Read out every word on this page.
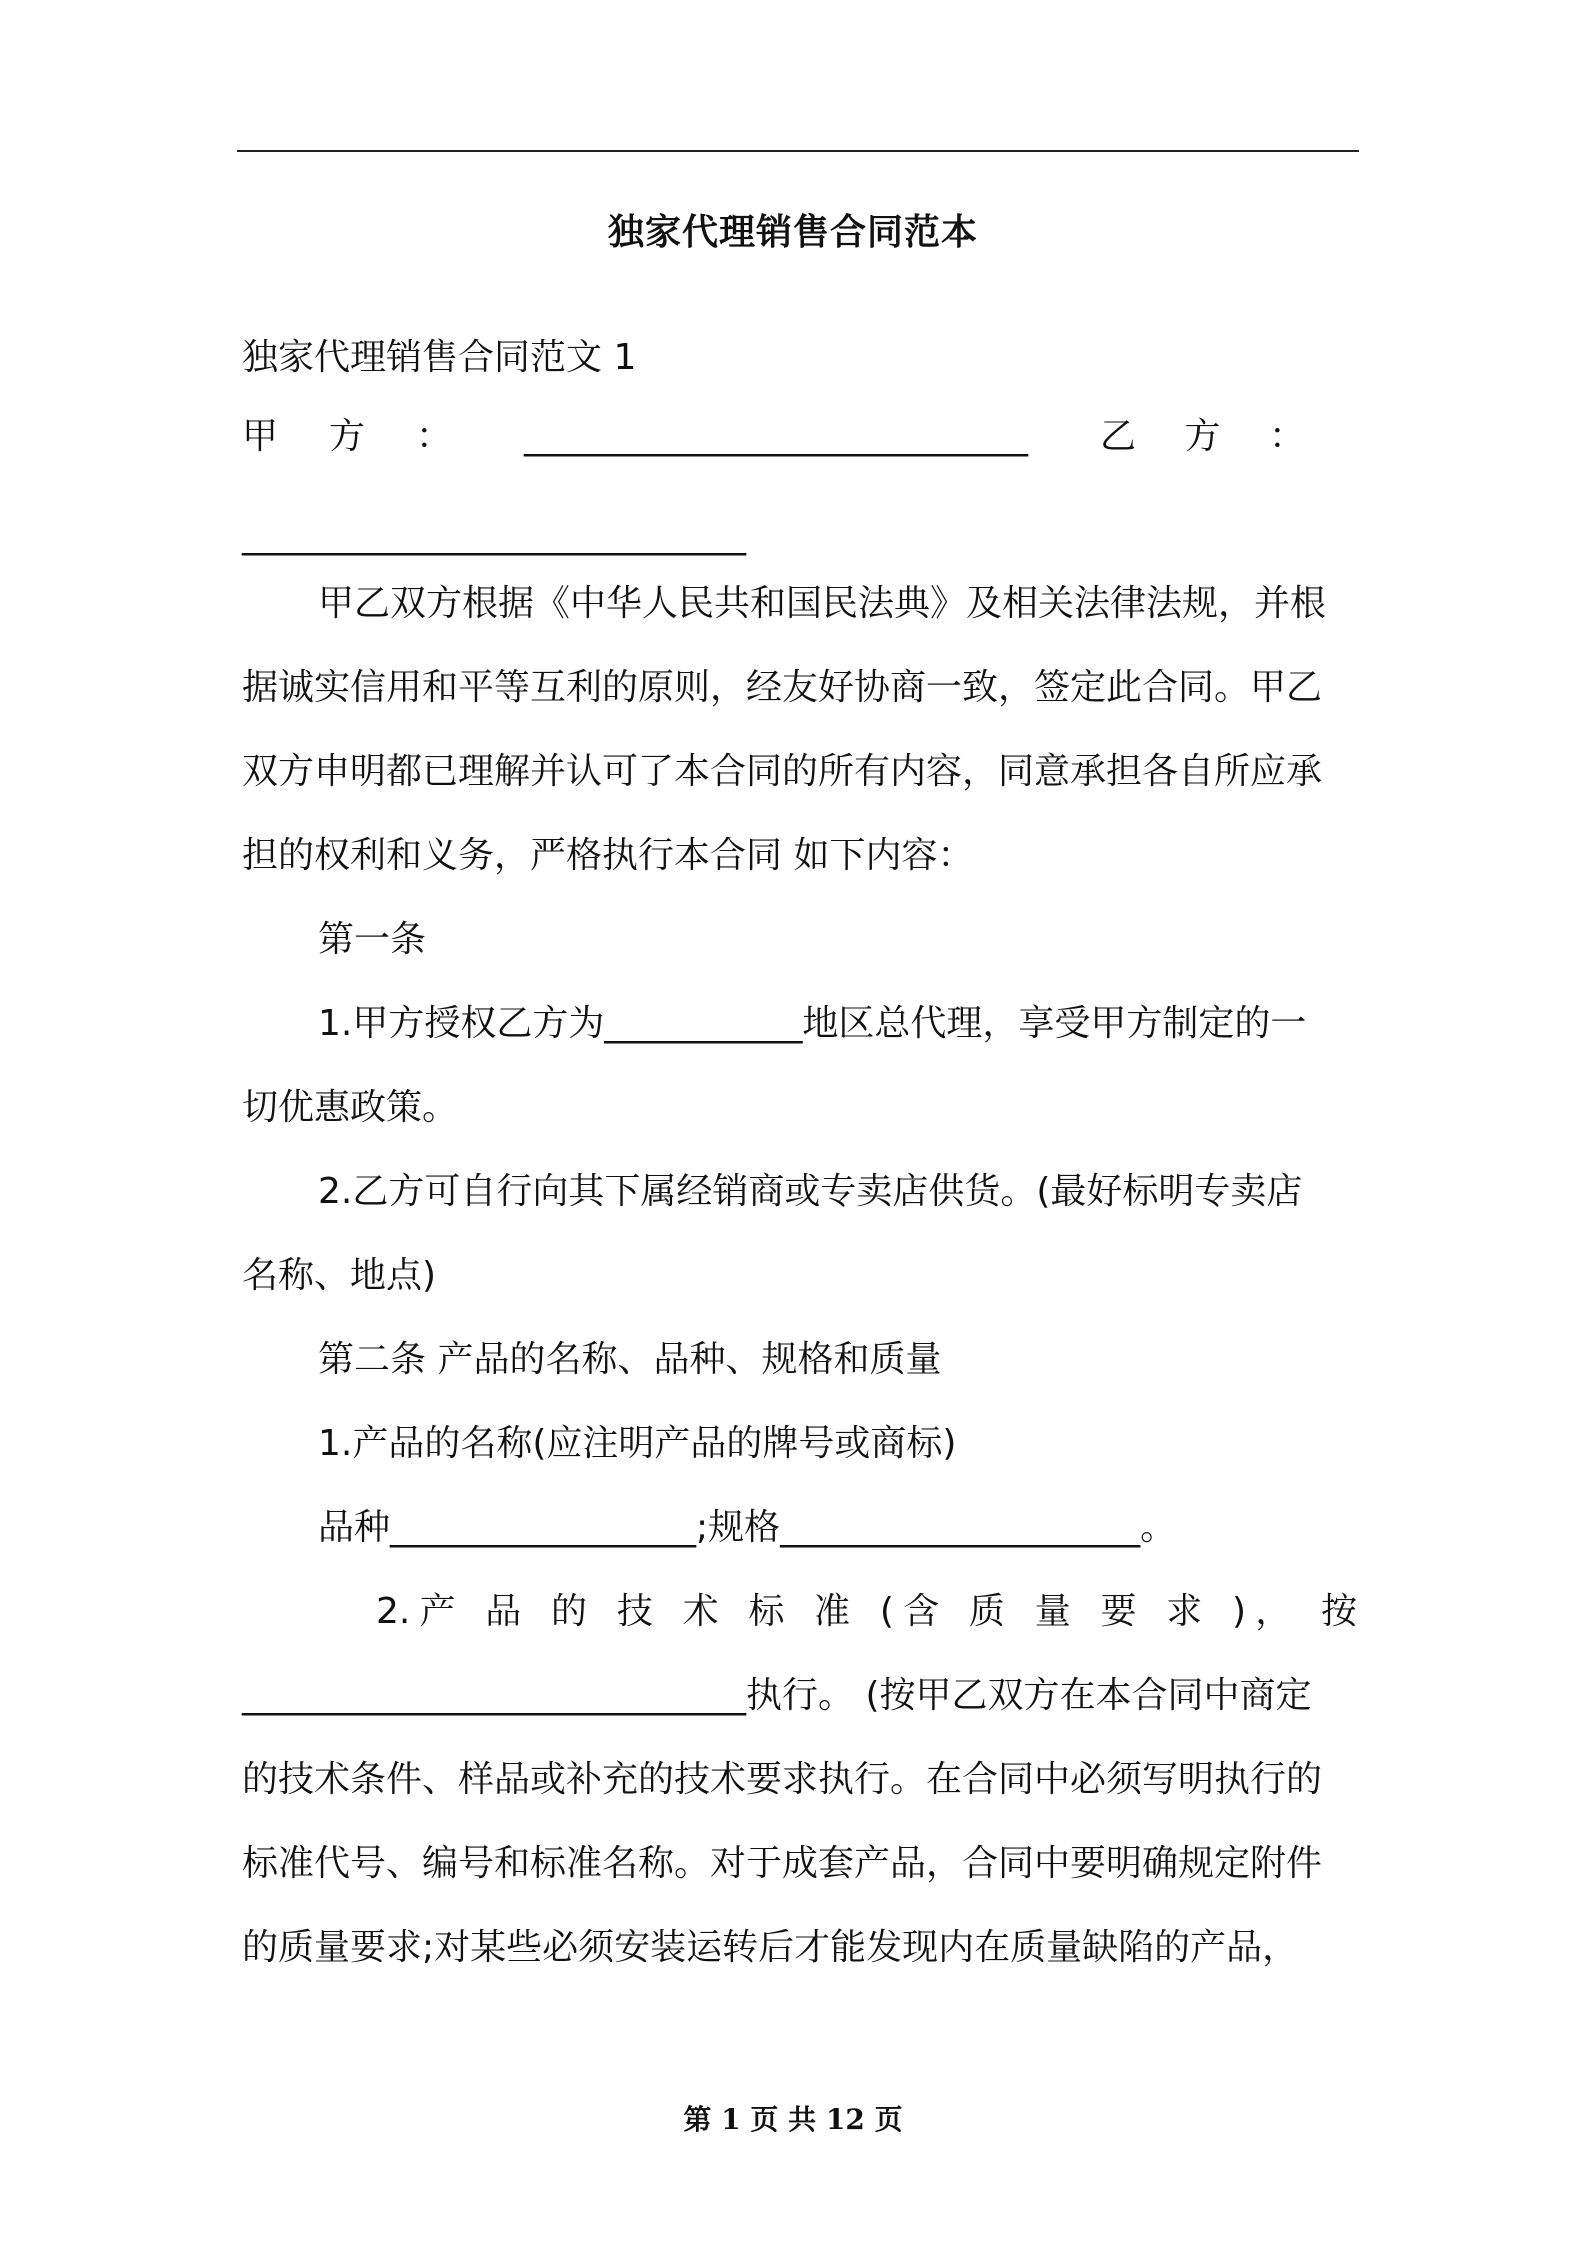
独家代理销售合同范本
独家代理销售合同范文 1
甲 方 ： ____________________________ 乙 方 ：
____________________________
甲乙双方根据《中华人民共和国民法典》及相关法律法规，并根
据诚实信用和平等互利的原则，经友好协商一致，签定此合同。甲乙
双方申明都已理解并认可了本合同的所有内容，同意承担各自所应承
担的权利和义务，严格执行本合同 如下内容：
第一条
1.甲方授权乙方为___________地区总代理，享受甲方制定的一
切优惠政策。
2.乙方可自行向其下属经销商或专卖店供货。(最好标明专卖店
名称、地点)
第二条 产品的名称、品种、规格和质量
1.产品的名称(应注明产品的牌号或商标)
品种_________________;规格____________________。
2.产 品 的 技 术 标 准 (含 质 量 要 求 )， 按
____________________________执行。 (按甲乙双方在本合同中商定
的技术条件、样品或补充的技术要求执行。在合同中必须写明执行的
标准代号、编号和标准名称。对于成套产品，合同中要明确规定附件
的质量要求;对某些必须安装运转后才能发现内在质量缺陷的产品，
第 1 页 共 12 页
